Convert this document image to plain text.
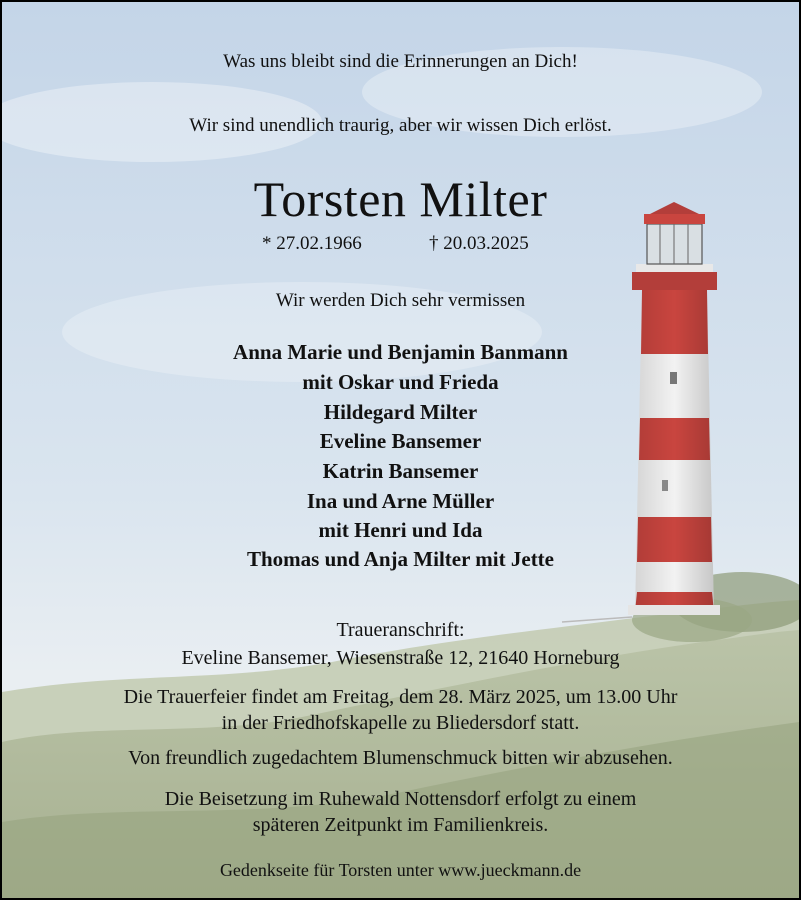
Was uns bleibt sind die Erinnerungen an Dich!
Wir sind unendlich traurig, aber wir wissen Dich erlöst.
Torsten Milter
* 27.02.1966	† 20.03.2025
Wir werden Dich sehr vermissen
Anna Marie und Benjamin Banmann
mit Oskar und Frieda
Hildegard Milter
Eveline Bansemer
Katrin Bansemer
Ina und Arne Müller
mit Henri und Ida
Thomas und Anja Milter mit Jette
Traueranschrift:
Eveline Bansemer, Wiesenstraße 12, 21640 Horneburg
Die Trauerfeier findet am Freitag, dem 28. März 2025, um 13.00 Uhr
in der Friedhofskapelle zu Bliedersdorf statt.
Von freundlich zugedachtem Blumenschmuck bitten wir abzusehen.
Die Beisetzung im Ruhewald Nottensdorf erfolgt zu einem
späteren Zeitpunkt im Familienkreis.
Gedenkseite für Torsten unter www.jueckmann.de
